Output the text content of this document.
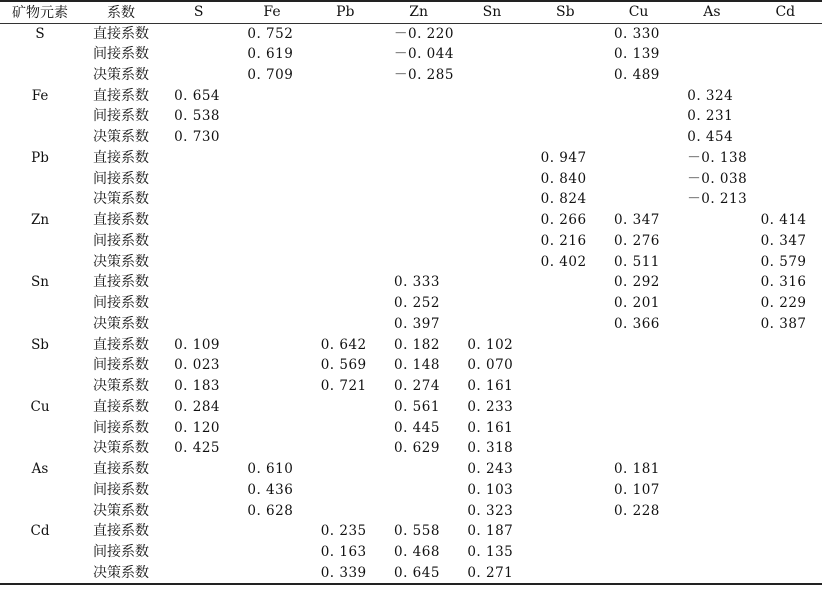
矿物元素	系数	S	Fe	Pb	Zn	Sn	Sb	Cu	As	Cd
S	直接系数		0. 752		－0. 220			0. 330		
	间接系数		0. 619		－0. 044			0. 139		
	决策系数		0. 709		－0. 285			0. 489		
Fe	直接系数	0. 654							0. 324	
	间接系数	0. 538							0. 231	
	决策系数	0. 730							0. 454	
Pb	直接系数						0. 947		－0. 138	
	间接系数						0. 840		－0. 038	
	决策系数						0. 824		－0. 213	
Zn	直接系数						0. 266	0. 347		0. 414
	间接系数						0. 216	0. 276		0. 347
	决策系数						0. 402	0. 511		0. 579
Sn	直接系数				0. 333			0. 292		0. 316
	间接系数				0. 252			0. 201		0. 229
	决策系数				0. 397			0. 366		0. 387
Sb	直接系数	0. 109		0. 642	0. 182	0. 102				
	间接系数	0. 023		0. 569	0. 148	0. 070				
	决策系数	0. 183		0. 721	0. 274	0. 161				
Cu	直接系数	0. 284			0. 561	0. 233				
	间接系数	0. 120			0. 445	0. 161				
	决策系数	0. 425			0. 629	0. 318				
As	直接系数		0. 610			0. 243		0. 181		
	间接系数		0. 436			0. 103		0. 107		
	决策系数		0. 628			0. 323		0. 228		
Cd	直接系数			0. 235	0. 558	0. 187				
	间接系数			0. 163	0. 468	0. 135				
	决策系数			0. 339	0. 645	0. 271				
